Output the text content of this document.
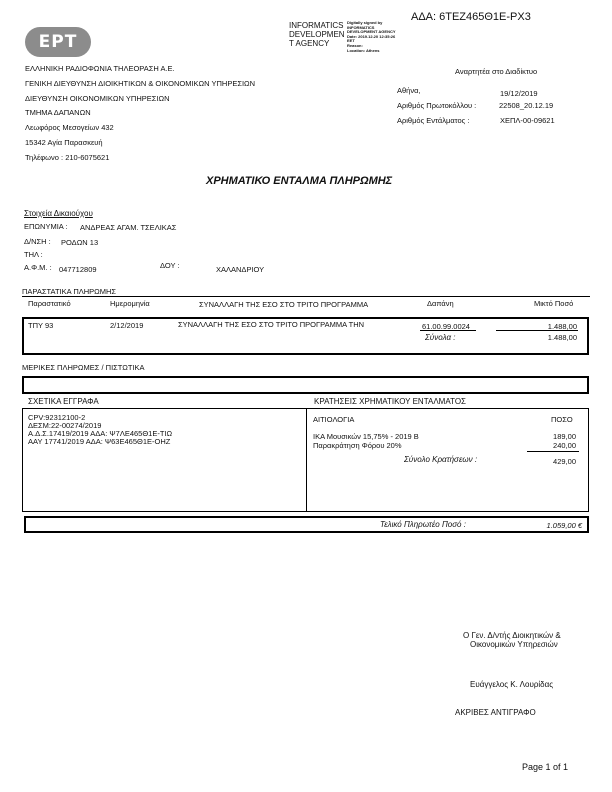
ΕΡΤ
INFORMATICS
DEVELOPMEN
T AGENCY
Digitally signed by
INFORMATICS
DEVELOPMENT AGENCY
Date: 2019.12.20 12:35:26
EET
Reason:
Location: Athens
ΑΔΑ: 6ΤΕΖ465Θ1Ε-ΡΧ3
ΕΛΛΗΝΙΚΗ ΡΑΔΙΟΦΩΝΙΑ ΤΗΛΕΟΡΑΣΗ Α.Ε.
ΓΕΝΙΚΗ ΔΙΕΥΘΥΝΣΗ ΔΙΟΙΚΗΤΙΚΩΝ & ΟΙΚΟΝΟΜΙΚΩΝ ΥΠΗΡΕΣΙΩΝ
ΔΙΕΥΘΥΝΣΗ ΟΙΚΟΝΟΜΙΚΩΝ ΥΠΗΡΕΣΙΩΝ
ΤΜΗΜΑ ΔΑΠΑΝΩΝ
Λεωφόρος Μεσογείων 432
15342 Αγία Παρασκευή
Τηλέφωνο : 210-6075621
Αναρτητέα στο Διαδίκτυο
Αθήνα,	19/12/2019
Αριθμός Πρωτοκόλλου :	22508_20.12.19
Αριθμός Εντάλματος :	ΧΕΠΛ-00-09621
ΧΡΗΜΑΤΙΚΟ ΕΝΤΑΛΜΑ ΠΛΗΡΩΜΗΣ
Στοιχεία Δικαιούχου
ΕΠΩΝΥΜΙΑ : ΑΝΔΡΕΑΣ ΑΓΑΜ. ΤΣΕΛΙΚΑΣ
Δ/ΝΣΗ : ΡΟΔΩΝ 13
ΤΗΛ :
Α.Φ.Μ. : 047712809	ΔΟΥ :	ΧΑΛΑΝΔΡΙΟΥ
ΠΑΡΑΣΤΑΤΙΚΑ ΠΛΗΡΩΜΗΣ
Παραστατικό	Ημερομηνία	ΣΥΝΑΛΛΑΓΗ ΤΗΣ ΕΣΟ ΣΤΟ ΤΡΙΤΟ ΠΡΟΓΡΑΜΜΑ	Δαπάνη	Μικτό Ποσό
ΤΠΥ 93	2/12/2019	ΣΥΝΑΛΛΑΓΗ ΤΗΣ ΕΣΟ ΣΤΟ ΤΡΙΤΟ ΠΡΟΓΡΑΜΜΑ ΤΗΝ	61.00.99.0024	1.488,00
Σύνολα :	1.488,00
ΜΕΡΙΚΕΣ ΠΛΗΡΩΜΕΣ / ΠΙΣΤΩΤΙΚΑ
ΣΧΕΤΙΚΑ ΕΓΓΡΑΦΑ	ΚΡΑΤΗΣΕΙΣ ΧΡΗΜΑΤΙΚΟΥ ΕΝΤΑΛΜΑΤΟΣ
CPV:92312100-2
ΔΕΣΜ:22-00274/2019
Α.Δ.Σ.17419/2019 ΑΔΑ: Ψ7ΛΕ465Θ1Ε-ΤΙΩ
ΑΑΥ 17741/2019 ΑΔΑ: Ψ63Ε465Θ1Ε-ΟΗΖ
ΑΙΤΙΟΛΟΓΙΑ	ΠΟΣΟ
ΙΚΑ Μουσικών 15,75% - 2019 Β	189,00
Παρακράτηση Φόρου 20%	240,00
Σύνολο Κρατήσεων :	429,00
Τελικό Πληρωτέο Ποσό :	1.059,00 €
Ο Γεν. Δ/ντής Διοικητικών &
Οικονομικών Υπηρεσιών
Ευάγγελος Κ. Λουρίδας
ΑΚΡΙΒΕΣ ΑΝΤΙΓΡΑΦΟ
Page 1 of 1
